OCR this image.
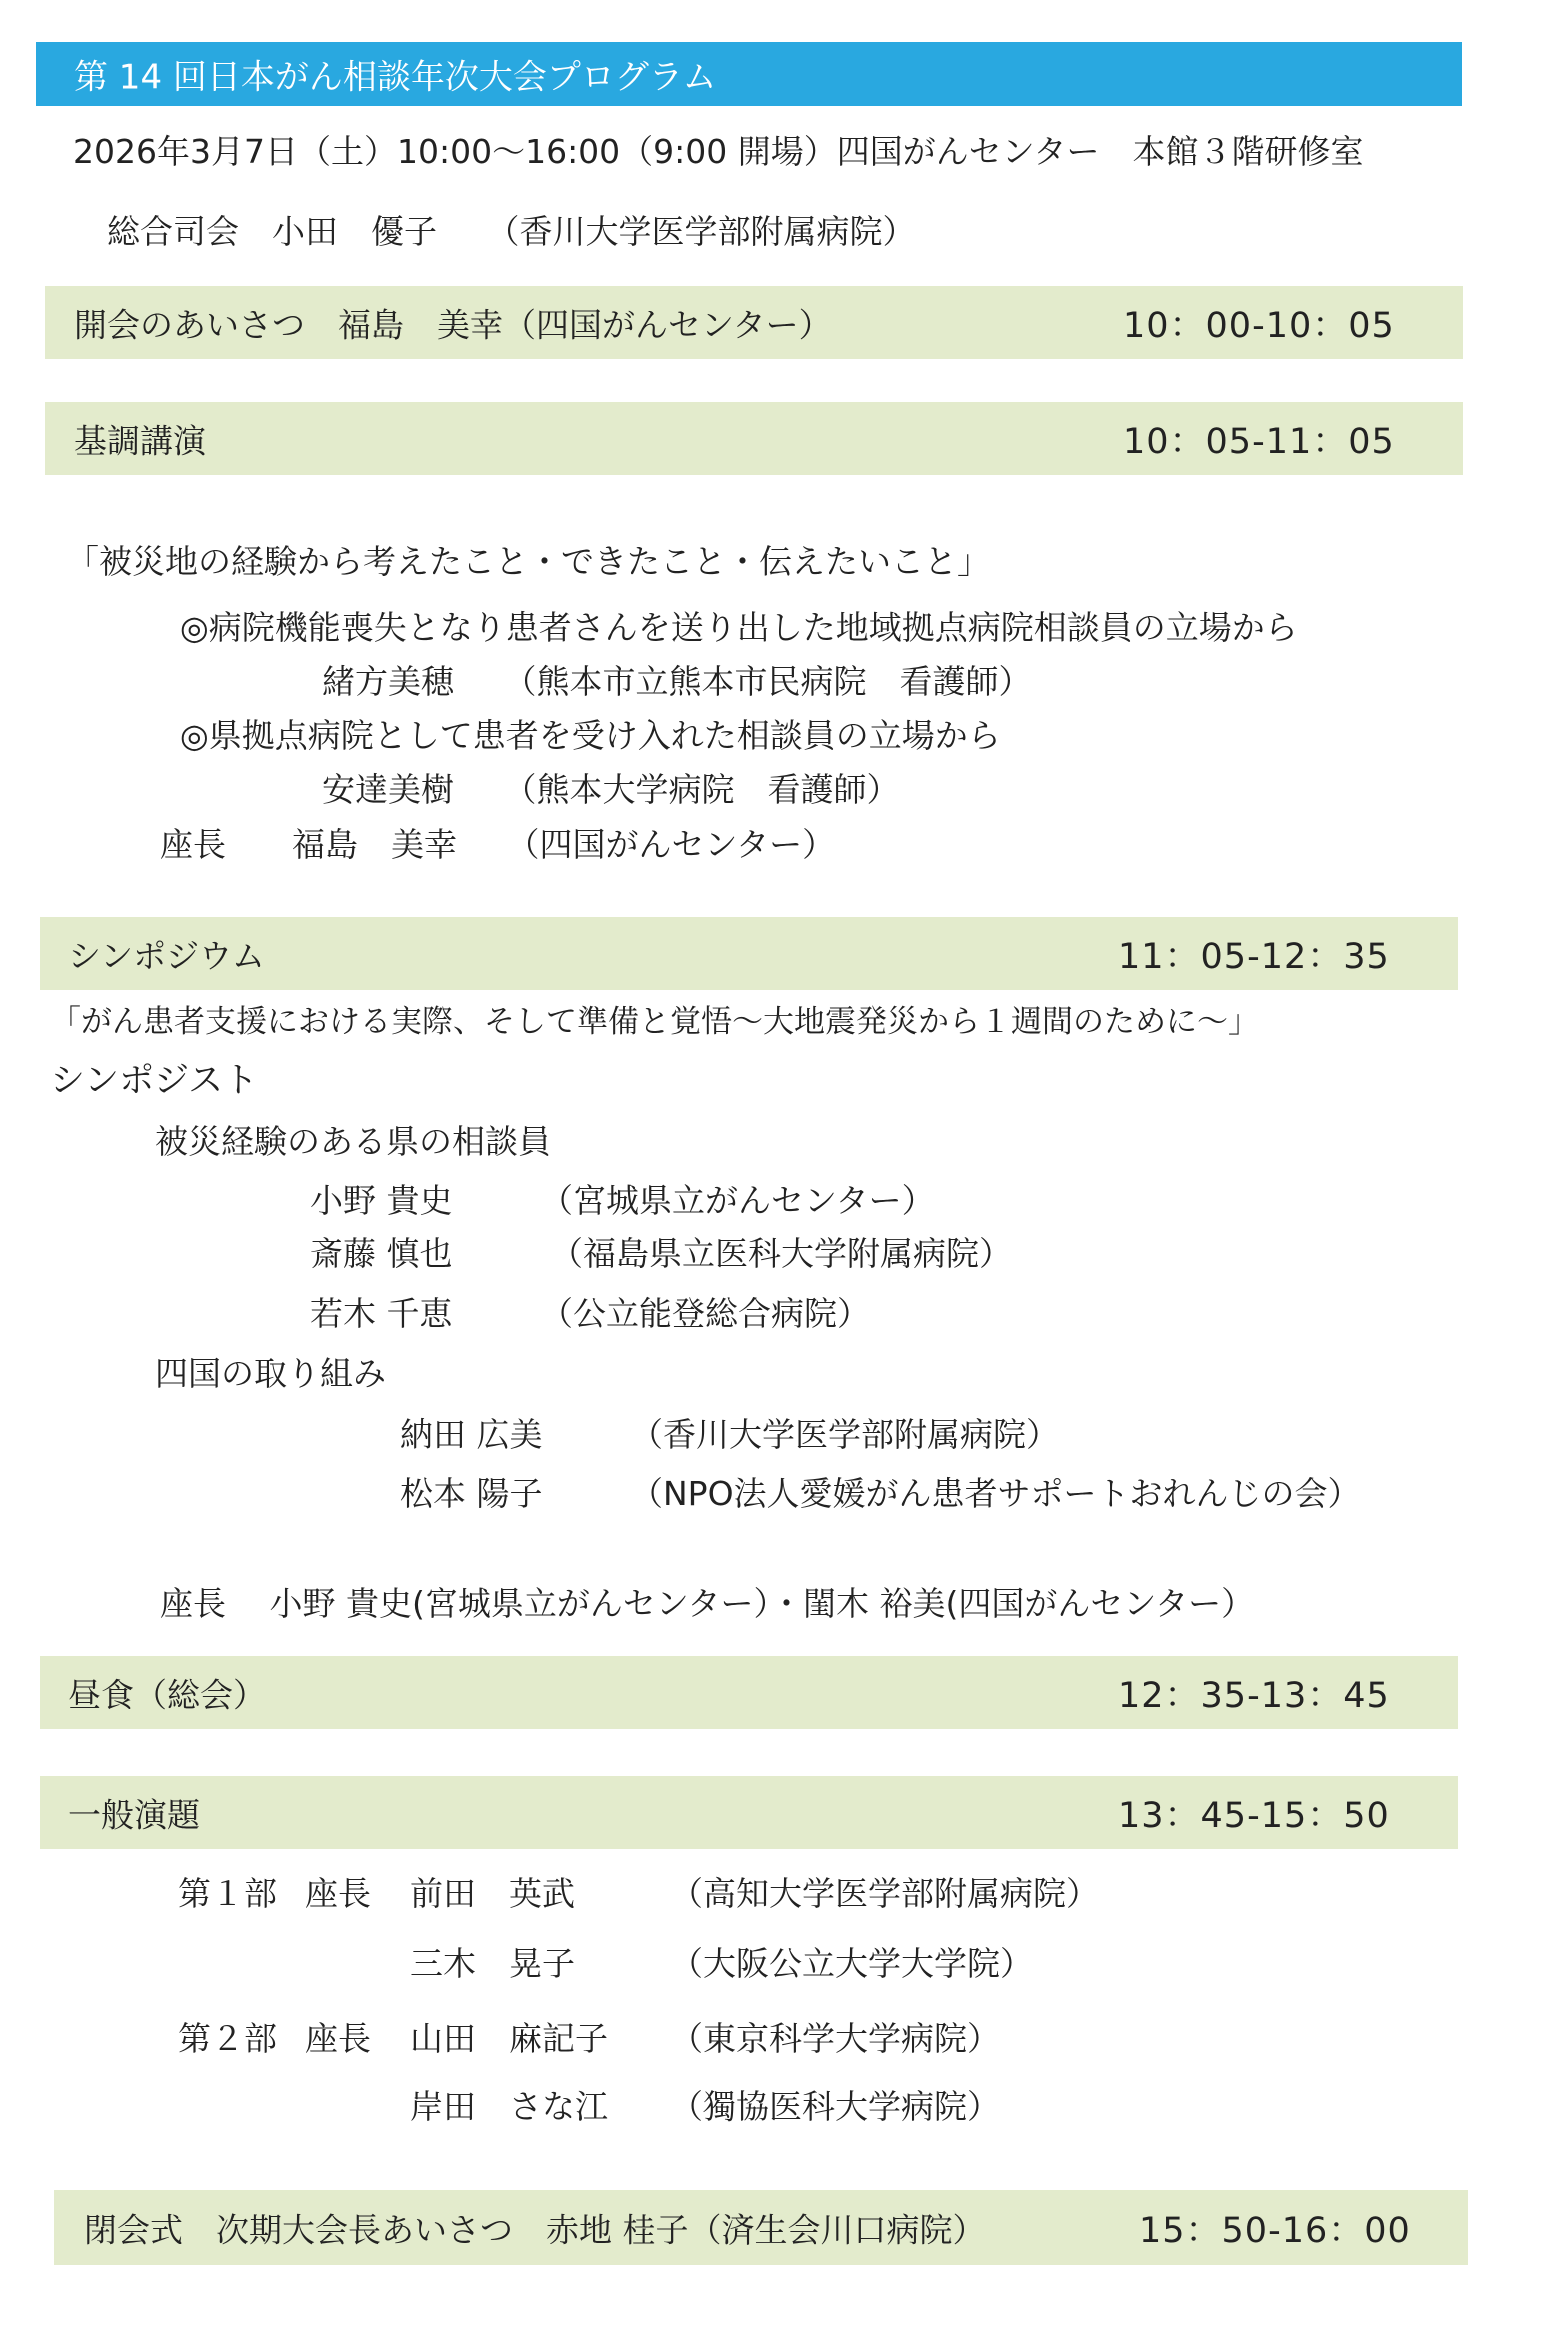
第 14 回日本がん相談年次大会プログラム
2026年3月7日（土）10:00～16:00（9:00 開場）四国がんセンター　本館３階研修室
総合司会　小田　優子　　（香川大学医学部附属病院）
開会のあいさつ　福島　美幸（四国がんセンター）	10：00-10：05
基調講演	10：05-11：05
「被災地の経験から考えたこと・できたこと・伝えたいこと」
◎病院機能喪失となり患者さんを送り出した地域拠点病院相談員の立場から
緒方美穂　　（熊本市立熊本市民病院　看護師）
◎県拠点病院として患者を受け入れた相談員の立場から
安達美樹　　（熊本大学病院　看護師）
座長　　福島　美幸　　（四国がんセンター）
シンポジウム	11：05-12：35
「がん患者支援における実際、そして準備と覚悟～大地震発災から１週間のために～」
シンポジスト
被災経験のある県の相談員
小野 貴史	（宮城県立がんセンター）
斎藤 慎也	（福島県立医科大学附属病院）
若木 千恵	（公立能登総合病院）
四国の取り組み
納田 広美	（香川大学医学部附属病院）
松本 陽子	（NPO法人愛媛がん患者サポートおれんじの会）
座長　 小野 貴史(宮城県立がんセンター）・閨木 裕美(四国がんセンター）
昼食（総会）	12：35-13：45
一般演題	13：45-15：50
第１部 座長 前田　英武	（高知大学医学部附属病院）
三木　晃子	（大阪公立大学大学院）
第２部 座長 山田　麻記子 （東京科学大学病院）
岸田　さな江 （獨協医科大学病院）
閉会式　次期大会長あいさつ　赤地 桂子（済生会川口病院）	15：50-16：00
